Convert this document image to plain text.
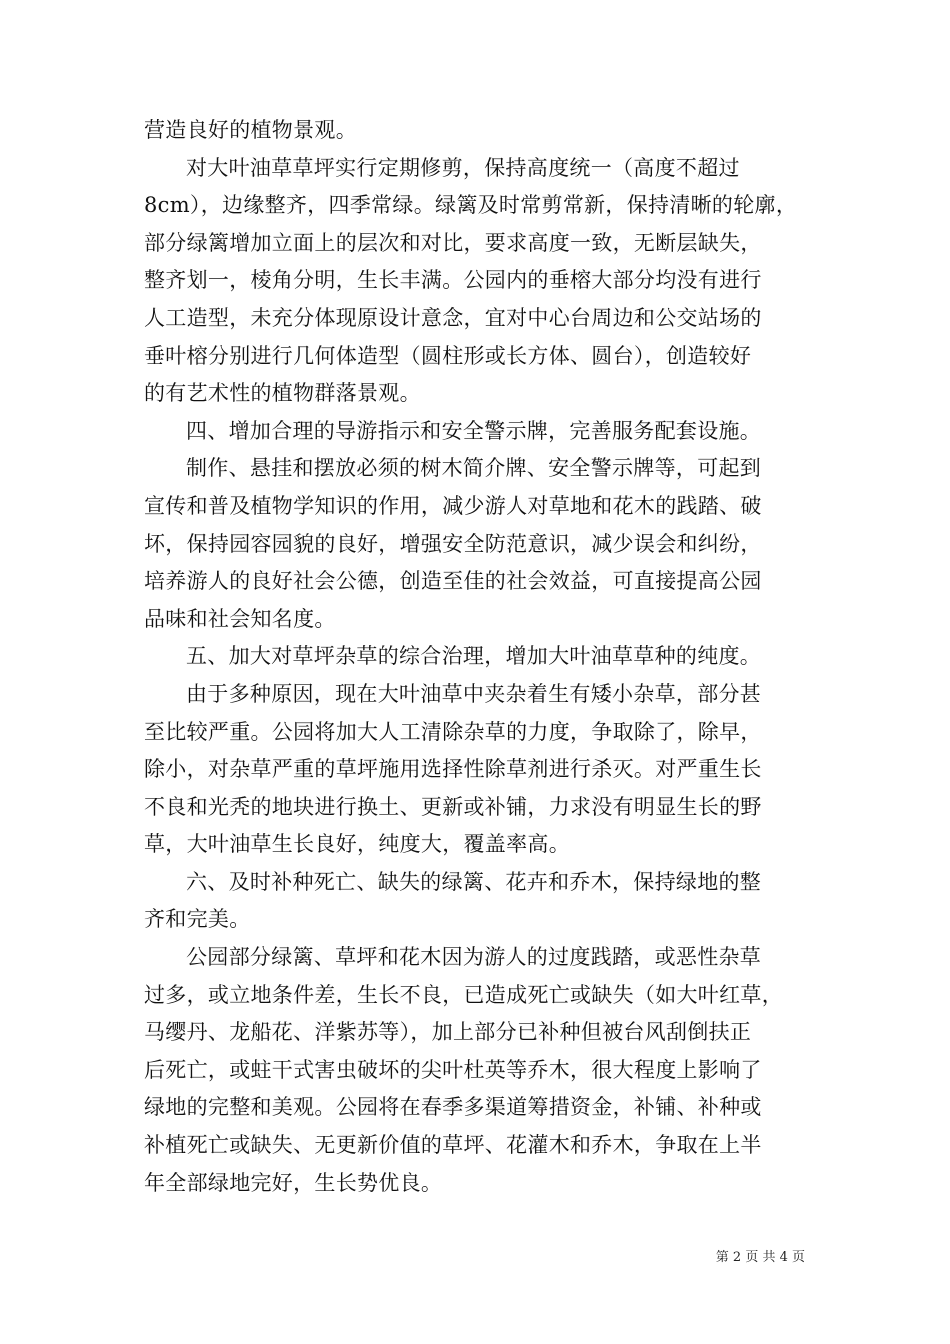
营造良好的植物景观。
对大叶油草草坪实行定期修剪，保持高度统一（高度不超过
8cm），边缘整齐，四季常绿。绿篱及时常剪常新，保持清晰的轮廓，
部分绿篱增加立面上的层次和对比，要求高度一致，无断层缺失，
整齐划一，棱角分明，生长丰满。公园内的垂榕大部分均没有进行
人工造型，未充分体现原设计意念，宜对中心台周边和公交站场的
垂叶榕分别进行几何体造型（圆柱形或长方体、圆台），创造较好
的有艺术性的植物群落景观。
四、增加合理的导游指示和安全警示牌，完善服务配套设施。
制作、悬挂和摆放必须的树木简介牌、安全警示牌等，可起到
宣传和普及植物学知识的作用，减少游人对草地和花木的践踏、破
坏，保持园容园貌的良好，增强安全防范意识，减少误会和纠纷，
培养游人的良好社会公德，创造至佳的社会效益，可直接提高公园
品味和社会知名度。
五、加大对草坪杂草的综合治理，增加大叶油草草种的纯度。
由于多种原因，现在大叶油草中夹杂着生有矮小杂草，部分甚
至比较严重。公园将加大人工清除杂草的力度，争取除了，除早，
除小，对杂草严重的草坪施用选择性除草剂进行杀灭。对严重生长
不良和光秃的地块进行换土、更新或补铺，力求没有明显生长的野
草，大叶油草生长良好，纯度大，覆盖率高。
六、及时补种死亡、缺失的绿篱、花卉和乔木，保持绿地的整
齐和完美。
公园部分绿篱、草坪和花木因为游人的过度践踏，或恶性杂草
过多，或立地条件差，生长不良，已造成死亡或缺失（如大叶红草，
马缨丹、龙船花、洋紫苏等），加上部分已补种但被台风刮倒扶正
后死亡，或蛀干式害虫破坏的尖叶杜英等乔木，很大程度上影响了
绿地的完整和美观。公园将在春季多渠道筹措资金，补铺、补种或
补植死亡或缺失、无更新价值的草坪、花灌木和乔木，争取在上半
年全部绿地完好，生长势优良。
第 2 页 共 4 页
